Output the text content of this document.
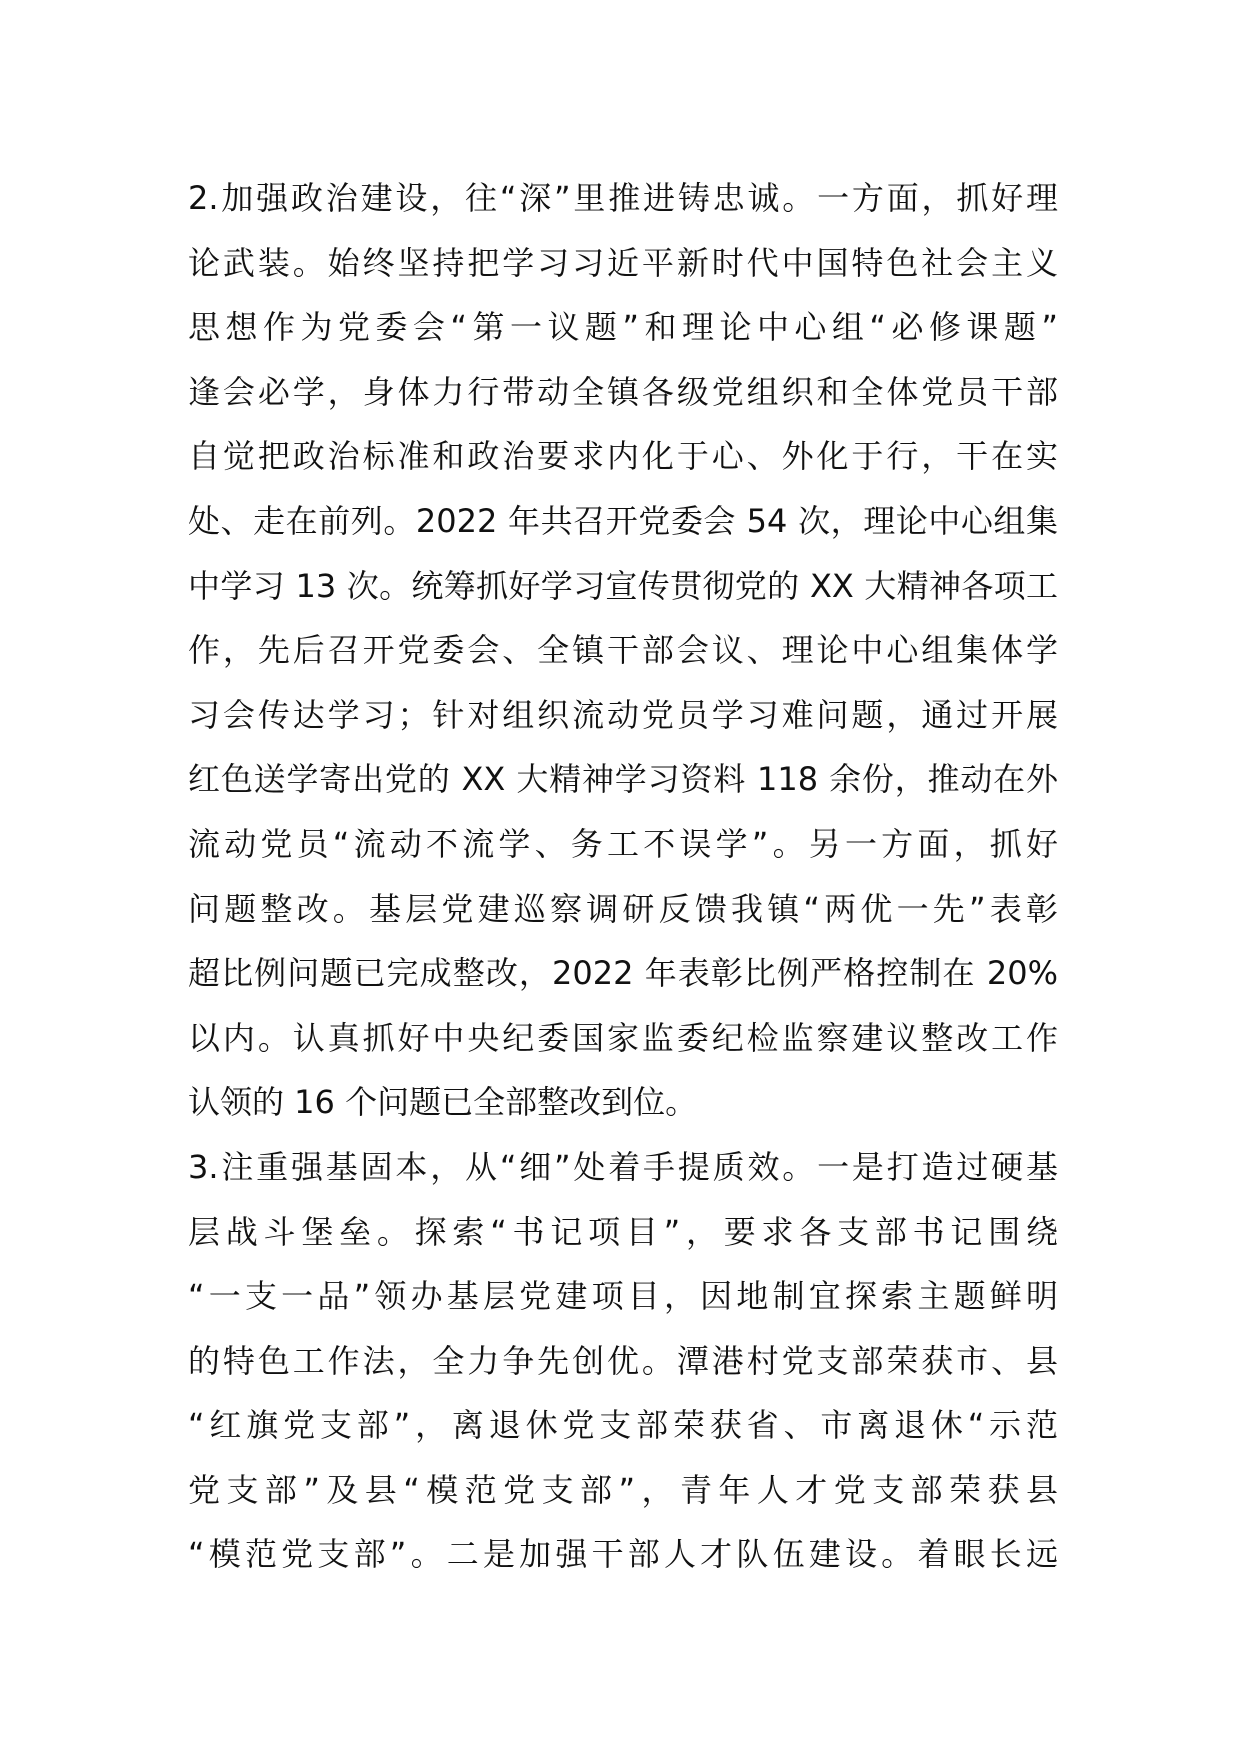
2.加强政治建设，往“深”里推进铸忠诚。一方面，抓好理
论武装。始终坚持把学习习近平新时代中国特色社会主义
思想作为党委会“第一议题”和理论中心组“必修课题”
逢会必学，身体力行带动全镇各级党组织和全体党员干部
自觉把政治标准和政治要求内化于心、外化于行，干在实
处、走在前列。2022 年共召开党委会 54 次，理论中心组集
中学习 13 次。统筹抓好学习宣传贯彻党的 XX 大精神各项工
作，先后召开党委会、全镇干部会议、理论中心组集体学
习会传达学习；针对组织流动党员学习难问题，通过开展
红色送学寄出党的 XX 大精神学习资料 118 余份，推动在外
流动党员“流动不流学、务工不误学”。另一方面，抓好
问题整改。基层党建巡察调研反馈我镇“两优一先”表彰
超比例问题已完成整改，2022 年表彰比例严格控制在 20%
以内。认真抓好中央纪委国家监委纪检监察建议整改工作
认领的 16 个问题已全部整改到位。
3.注重强基固本，从“细”处着手提质效。一是打造过硬基
层战斗堡垒。探索“书记项目”，要求各支部书记围绕
“一支一品”领办基层党建项目，因地制宜探索主题鲜明
的特色工作法，全力争先创优。潭港村党支部荣获市、县
“红旗党支部”，离退休党支部荣获省、市离退休“示范
党支部”及县“模范党支部”，青年人才党支部荣获县
“模范党支部”。二是加强干部人才队伍建设。着眼长远
